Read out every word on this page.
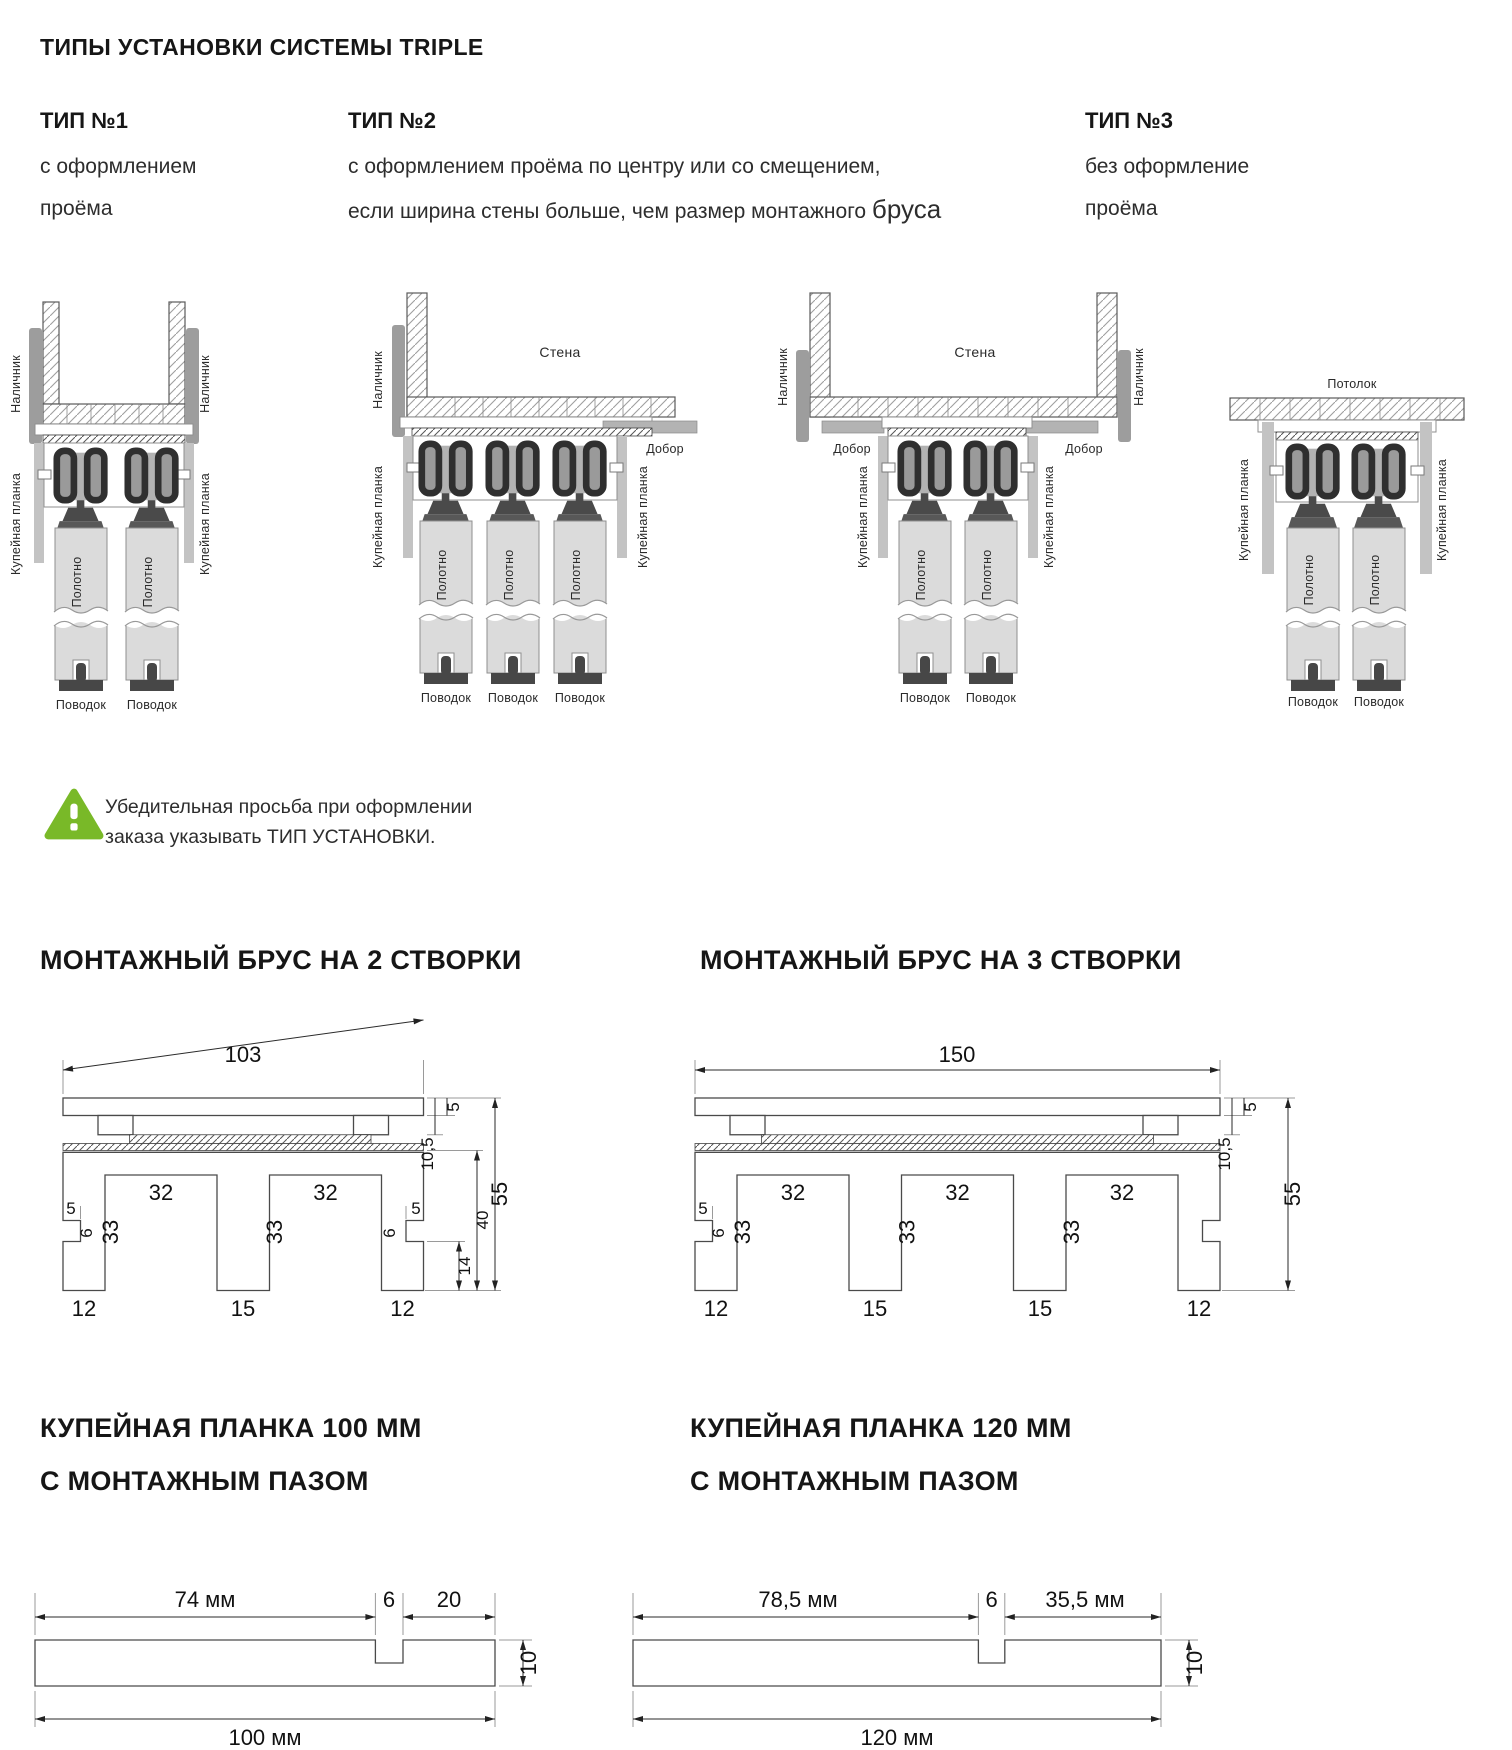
ТИПЫ УСТАНОВКИ СИСТЕМЫ TRIPLE
ТИП №1
с оформлением
проёма
ТИП №2
с оформлением проёма по центру или со смещением,
если ширина стены больше, чем размер монтажного бруса
ТИП №3
без оформление
проёма
Наличник	Наличник
Купейная планка	Купейная планка
Полотно	Полотно
Поводок Поводок
Стена
Добор
Наличник
Купейная планка	Купейная планка
Полотно	Полотно	Полотно
Поводок Поводок Поводок
Стена
Добор	Добор
Наличник	Наличник
Купейная планка	Купейная планка
Полотно	Полотно
Поводок Поводок
Потолок
Купейная планка	Купейная планка
Полотно	Полотно
Поводок Поводок
Убедительная просьба при оформлении
заказа указывать ТИП УСТАНОВКИ.
МОНТАЖНЫЙ БРУС НА 2 СТВОРКИ
103
5
10,5
14
40
55
32	32
33	33
5
6
5
6
12	15	12
МОНТАЖНЫЙ БРУС НА 3 СТВОРКИ
150
5
10,5
55
32	32	32
33	33	33
5
6
12	15	15	12
КУПЕЙНАЯ ПЛАНКА 100 ММ
С МОНТАЖНЫМ ПАЗОМ
74 мм	6 20
10
100 мм
КУПЕЙНАЯ ПЛАНКА 120 ММ
С МОНТАЖНЫМ ПАЗОМ
78,5 мм	6 35,5 мм
10
120 мм
